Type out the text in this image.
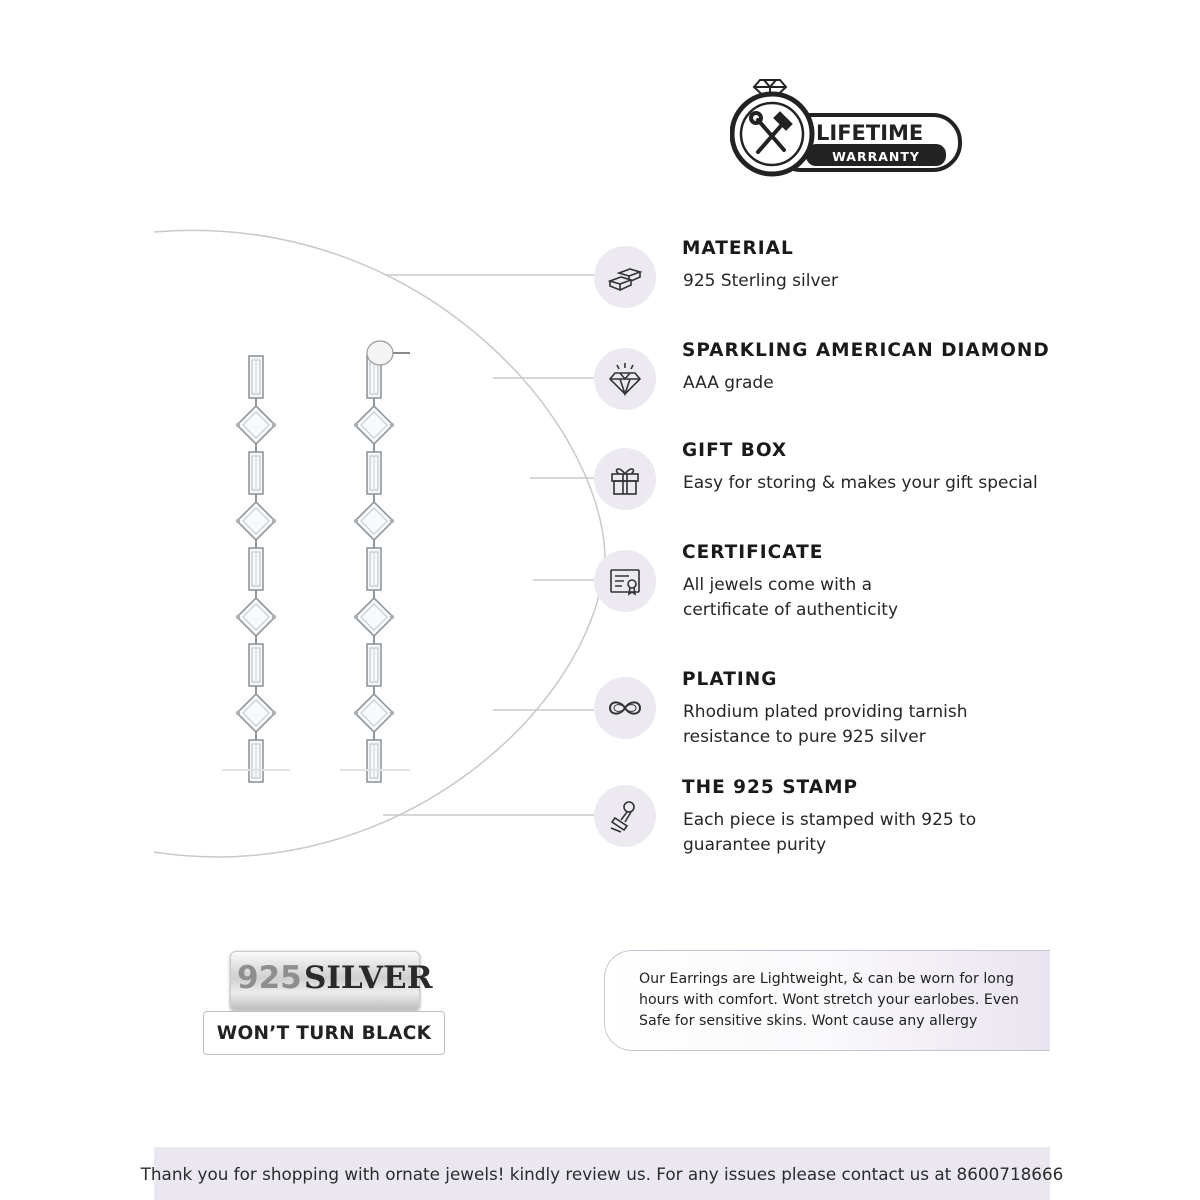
LIFETIME
WARRANTY
MATERIAL
925 Sterling silver
SPARKLING AMERICAN DIAMOND
AAA grade
GIFT BOX
Easy for storing & makes your gift special
CERTIFICATE
All jewels come with a
certificate of authenticity
PLATING
Rhodium plated providing tarnish
resistance to pure 925 silver
THE 925 STAMP
Each piece is stamped with 925 to
guarantee purity
925 SILVER
WON’T TURN BLACK
Our Earrings are Lightweight, & can be worn for long hours with comfort. Wont stretch your earlobes. Even Safe for sensitive skins. Wont cause any allergy
Thank you for shopping with ornate jewels! kindly review us. For any issues please contact us at 8600718666
